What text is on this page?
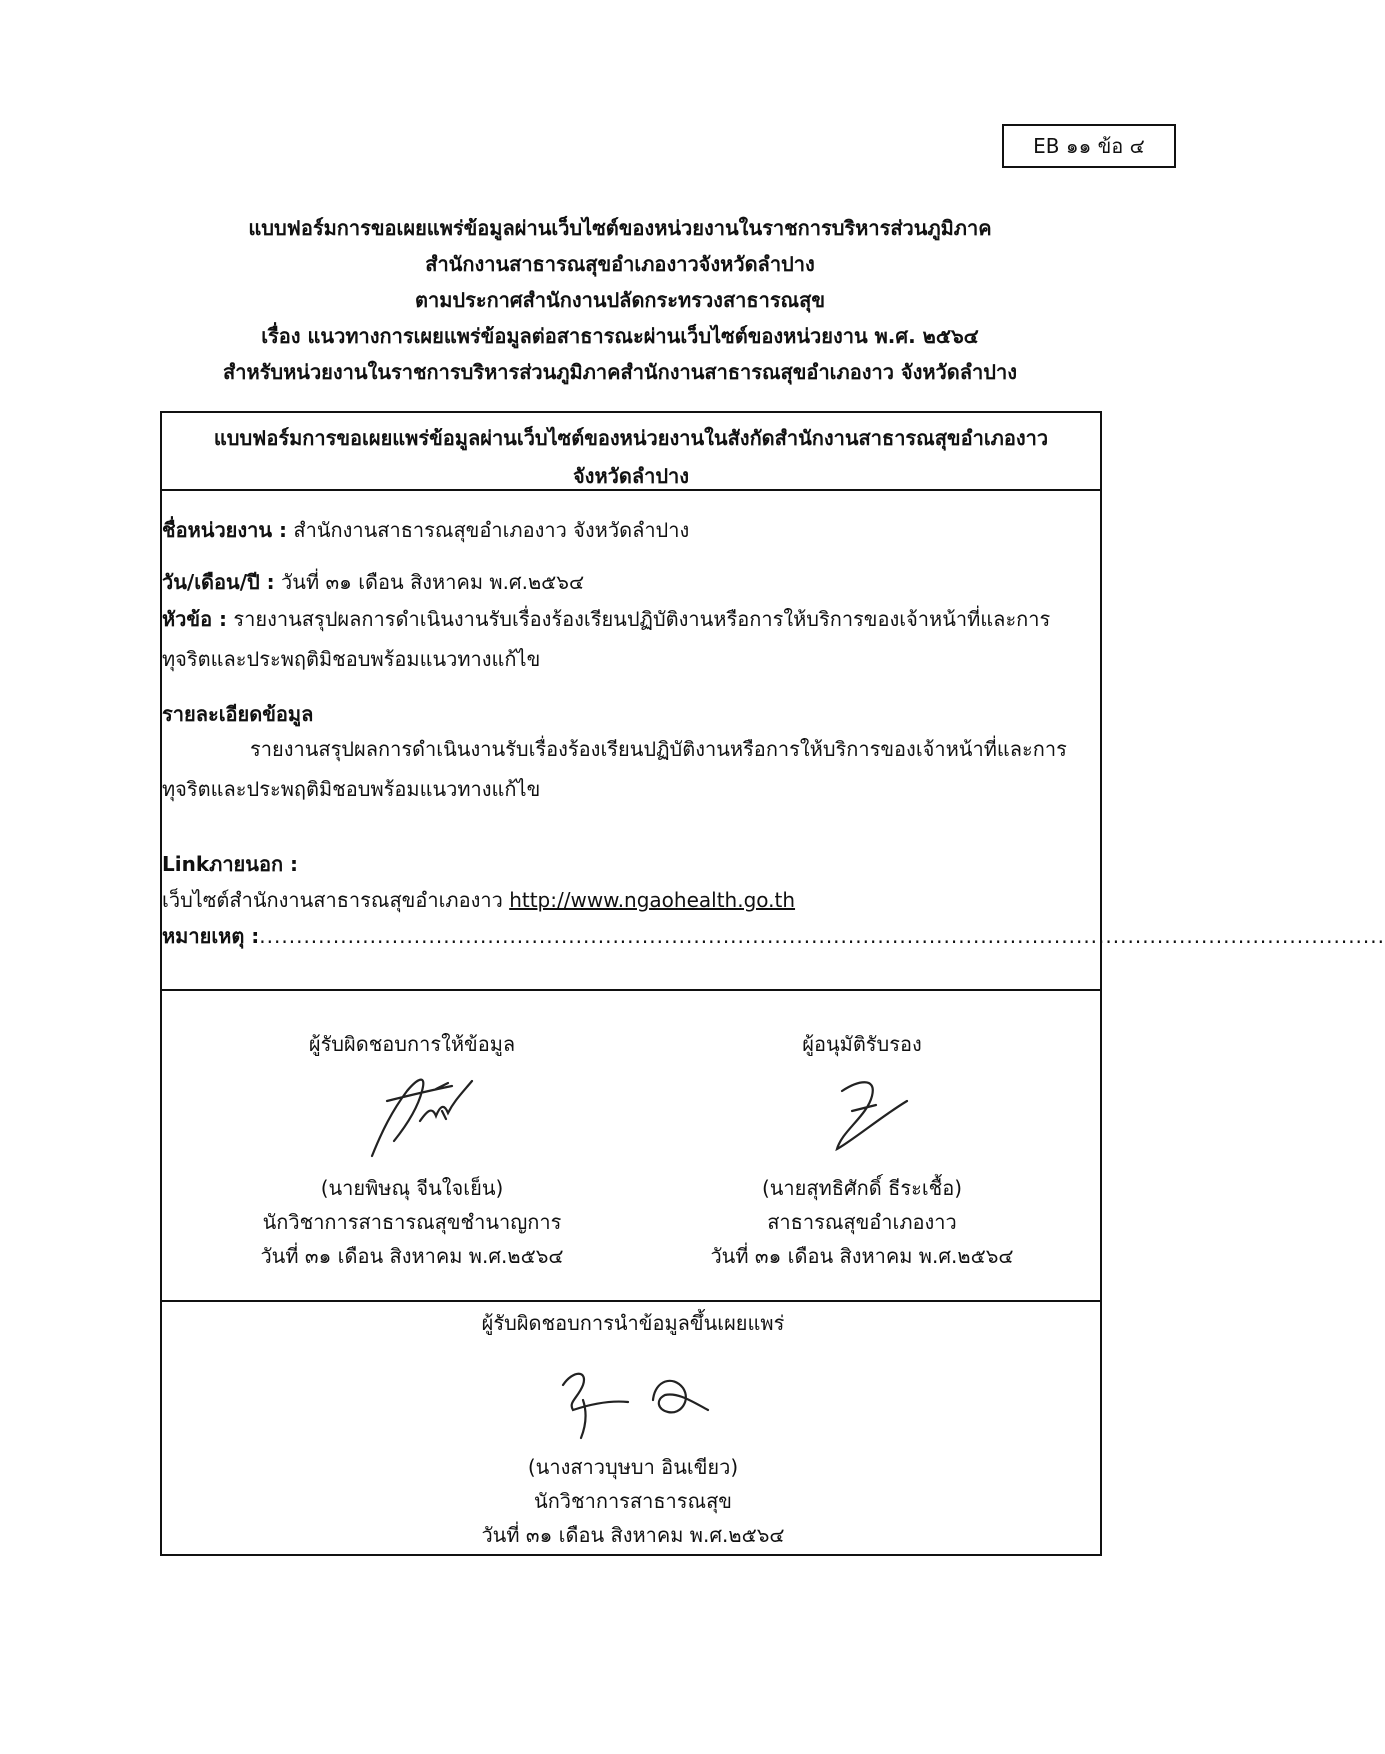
EB ๑๑ ข้อ ๔
แบบฟอร์มการขอเผยแพร่ข้อมูลผ่านเว็บไซต์ของหน่วยงานในราชการบริหารส่วนภูมิภาค
สำนักงานสาธารณสุขอำเภองาวจังหวัดลำปาง
ตามประกาศสำนักงานปลัดกระทรวงสาธารณสุข
เรื่อง แนวทางการเผยแพร่ข้อมูลต่อสาธารณะผ่านเว็บไซต์ของหน่วยงาน พ.ศ. ๒๕๖๔
สำหรับหน่วยงานในราชการบริหารส่วนภูมิภาคสำนักงานสาธารณสุขอำเภองาว จังหวัดลำปาง
แบบฟอร์มการขอเผยแพร่ข้อมูลผ่านเว็บไซต์ของหน่วยงานในสังกัดสำนักงานสาธารณสุขอำเภองาว
จังหวัดลำปาง
ชื่อหน่วยงาน : สำนักงานสาธารณสุขอำเภองาว จังหวัดลำปาง
วัน/เดือน/ปี : วันที่ ๓๑ เดือน สิงหาคม พ.ศ.๒๕๖๔
หัวข้อ : รายงานสรุปผลการดำเนินงานรับเรื่องร้องเรียนปฏิบัติงานหรือการให้บริการของเจ้าหน้าที่และการ
ทุจริตและประพฤติมิชอบพร้อมแนวทางแก้ไข
รายละเอียดข้อมูล
รายงานสรุปผลการดำเนินงานรับเรื่องร้องเรียนปฏิบัติงานหรือการให้บริการของเจ้าหน้าที่และการ
ทุจริตและประพฤติมิชอบพร้อมแนวทางแก้ไข
Linkภายนอก :
เว็บไซต์สำนักงานสาธารณสุขอำเภองาว http://www.ngaohealth.go.th
หมายเหตุ :.........................................................................................................................................................
ผู้รับผิดชอบการให้ข้อมูล
(นายพิษณุ จีนใจเย็น)
นักวิชาการสาธารณสุขชำนาญการ
วันที่ ๓๑ เดือน สิงหาคม พ.ศ.๒๕๖๔
ผู้อนุมัติรับรอง
(นายสุทธิศักดิ์ ธีระเชื้อ)
สาธารณสุขอำเภองาว
วันที่ ๓๑ เดือน สิงหาคม พ.ศ.๒๕๖๔
ผู้รับผิดชอบการนำข้อมูลขึ้นเผยแพร่
(นางสาวบุษบา อินเขียว)
นักวิชาการสาธารณสุข
วันที่ ๓๑ เดือน สิงหาคม พ.ศ.๒๕๖๔
